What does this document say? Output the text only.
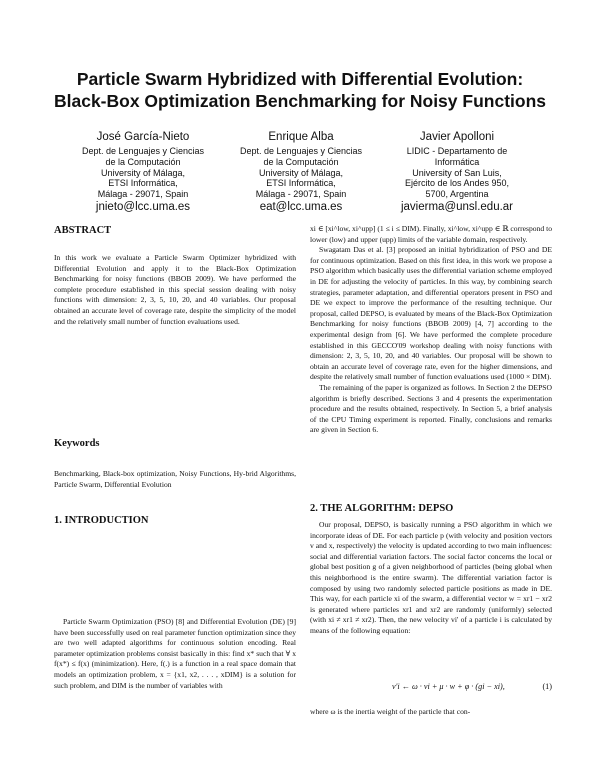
Particle Swarm Hybridized with Differential Evolution:
Black-Box Optimization Benchmarking for Noisy Functions
José García-Nieto
Dept. de Lenguajes y Ciencias
de la Computación
University of Málaga,
ETSI Informática,
Málaga - 29071, Spain
jnieto@lcc.uma.es
Enrique Alba
Dept. de Lenguajes y Ciencias
de la Computación
University of Málaga,
ETSI Informática,
Málaga - 29071, Spain
eat@lcc.uma.es
Javier Apolloni
LIDIC - Departamento de
Informática
University of San Luis,
Ejército de los Andes 950,
5700, Argentina
javierma@unsl.edu.ar
ABSTRACT

In this work we evaluate a Particle Swarm Optimizer hybridized with Differential Evolution and apply it to the Black-Box Optimization Benchmarking for noisy functions (BBOB 2009). We have performed the complete procedure established in this special session dealing with noisy functions with dimension: 2, 3, 5, 10, 20, and 40 variables. Our proposal obtained an accurate level of coverage rate, despite the simplicity of the model and the relatively small number of function evaluations used.

Keywords

Benchmarking, Black-box optimization, Noisy Functions, Hy-brid Algorithms, Particle Swarm, Differential Evolution

1. INTRODUCTION

Particle Swarm Optimization (PSO) [8] and Differential Evolution (DE) [9] have been successfully used on real parameter function optimization since they are two well adapted algorithms for continuous solution encoding. Real parameter optimization problems consist basically in this: find x* such that ∀ x f(x*) ≤ f(x) (minimization). Here, f(.) is a function in a real space domain that models an optimization problem, x = {x1, x2, . . . , xDIM} is a solution for such problem, and DIM is the number of variables with

xi ∈ [xi^low, xi^upp] (1 ≤ i ≤ DIM). Finally, xi^low, xi^upp ∈ ℝ correspond to lower (low) and upper (upp) limits of the variable domain, respectively.

Swagatam Das et al. [3] proposed an initial hybridization of PSO and DE for continuous optimization. Based on this first idea, in this work we propose a PSO algorithm which basically uses the differential variation scheme employed in DE for adjusting the velocity of particles. In this way, by combining search strategies, parameter adaptation, and differential operators present in PSO and DE we expect to improve the performance of the resulting technique. Our proposal, called DEPSO, is evaluated by means of the Black-Box Optimization Benchmarking for noisy functions (BBOB 2009) [4, 7] according to the experimental design from [6]. We have performed the complete procedure established in this GECCO'09 workshop dealing with noisy functions with dimension: 2, 3, 5, 10, 20, and 40 variables. Our proposal will be shown to obtain an accurate level of coverage rate, even for the higher dimensions, and despite the relatively small number of function evaluations used (1000 × DIM).

The remaining of the paper is organized as follows. In Section 2 the DEPSO algorithm is briefly described. Sections 3 and 4 presents the experimentation procedure and the results obtained, respectively. In Section 5, a brief analysis of the CPU Timing experiment is reported. Finally, conclusions and remarks are given in Section 6.

2. THE ALGORITHM: DEPSO

Our proposal, DEPSO, is basically running a PSO algorithm in which we incorporate ideas of DE. For each particle p (with velocity and position vectors v and x, respectively) the velocity is updated according to two main influences: social and differential variation factors. The social factor concerns the local or global best position g of a given neighborhood of particles (being global when this neighborhood is the entire swarm). The differential variation factor is composed by using two randomly selected particle positions as made in DE. This way, for each particle xi of the swarm, a differential vector w = xr1 − xr2 is generated where particles xr1 and xr2 are randomly (uniformly) selected (with xi ≠ xr1 ≠ xr2). Then, the new velocity vi' of a particle i is calculated by means of the following equation:

v'i ← ω · vi + μ · w + φ · (gi − xi),	(1)

where ω is the inertia weight of the particle that con-
